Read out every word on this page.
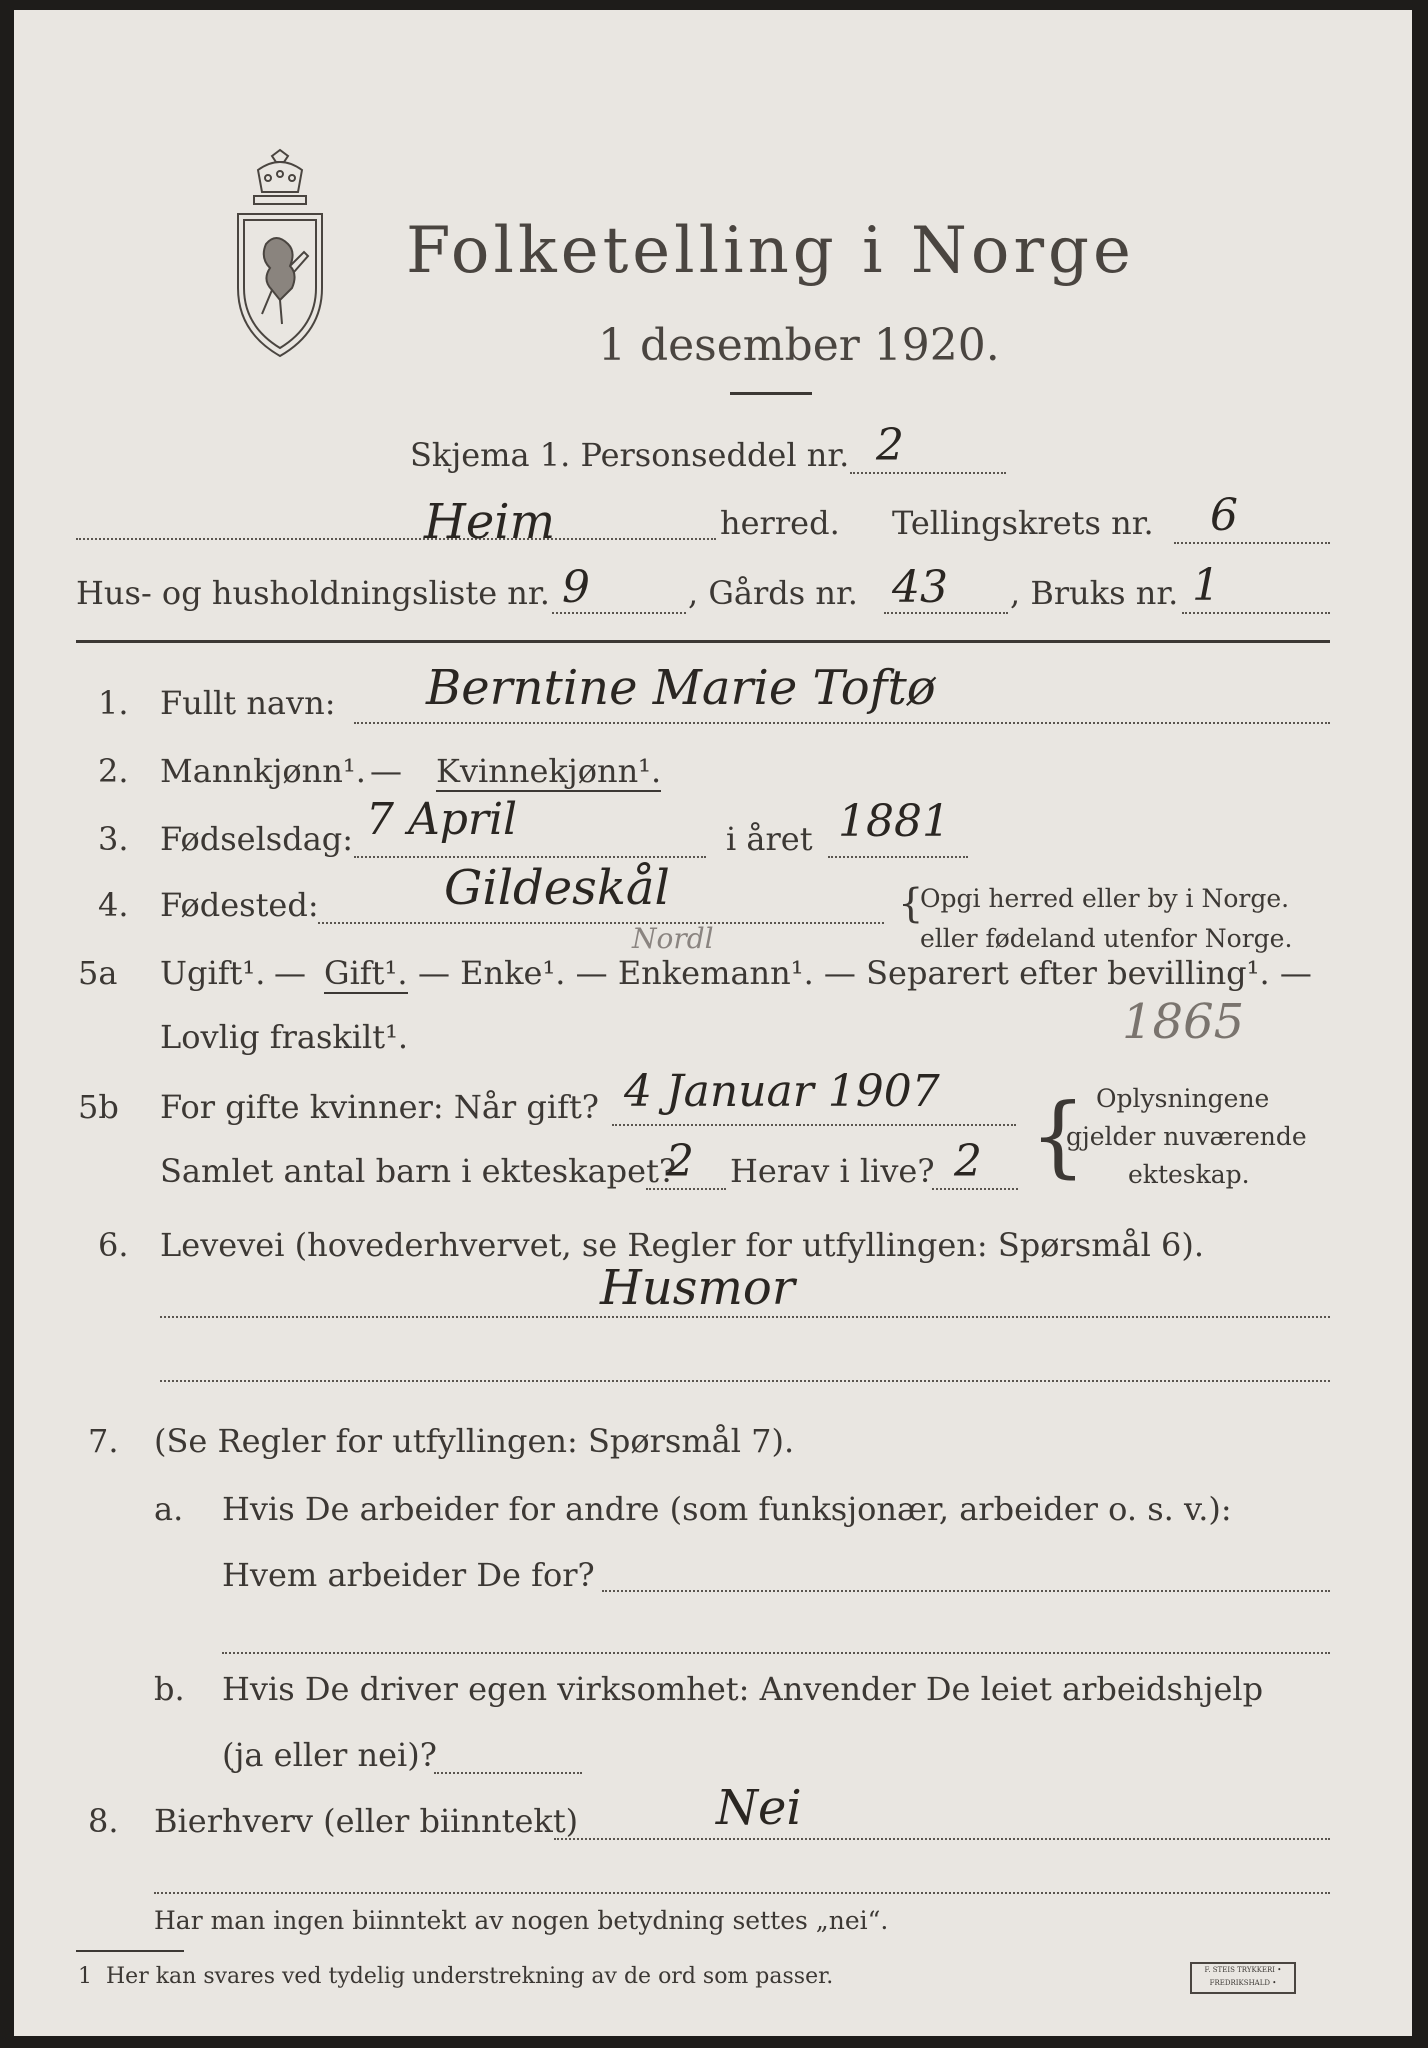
Folketelling i Norge
1 desember 1920.
Skjema 1. Personseddel nr. 2
Heim	herred. Tellingskrets nr. 6
Hus- og husholdningsliste nr. 9	, Gårds nr. 43 , Bruks nr. 1
1. Fullt navn: Berntine Marie Toftø
2. Mannkjønn¹. — Kvinnekjønn¹.
3. Fødselsdag: 7 April	i året 1881
4. Fødested:	Gildeskål
Nordl
{
Opgi herred eller by i Norge.
eller fødeland utenfor Norge.
5a Ugift¹. — Gift¹. — Enke¹. — Enkemann¹. — Separert efter bevilling¹. —
Lovlig fraskilt¹.	1865
5b For gifte kvinner: Når gift? 4 Januar 1907
Samlet antal barn i ekteskapet?
2 Herav i live? 2 { Oplysningene
gjelder nuværende
ekteskap.
6. Levevei (hovederhvervet, se Regler for utfyllingen: Spørsmål 6).
Husmor
7. (Se Regler for utfyllingen: Spørsmål 7).
a. Hvis De arbeider for andre (som funksjonær, arbeider o. s. v.):
Hvem arbeider De for?
b. Hvis De driver egen virksomhet: Anvender De leiet arbeidshjelp
(ja eller nei)?
8. Bierhverv (eller biinntekt)	Nei
Har man ingen biinntekt av nogen betydning settes „nei“.
1 Her kan svares ved tydelig understrekning av de ord som passer.	F. STEIS TRYKKERI • FREDRIKSHALD •
